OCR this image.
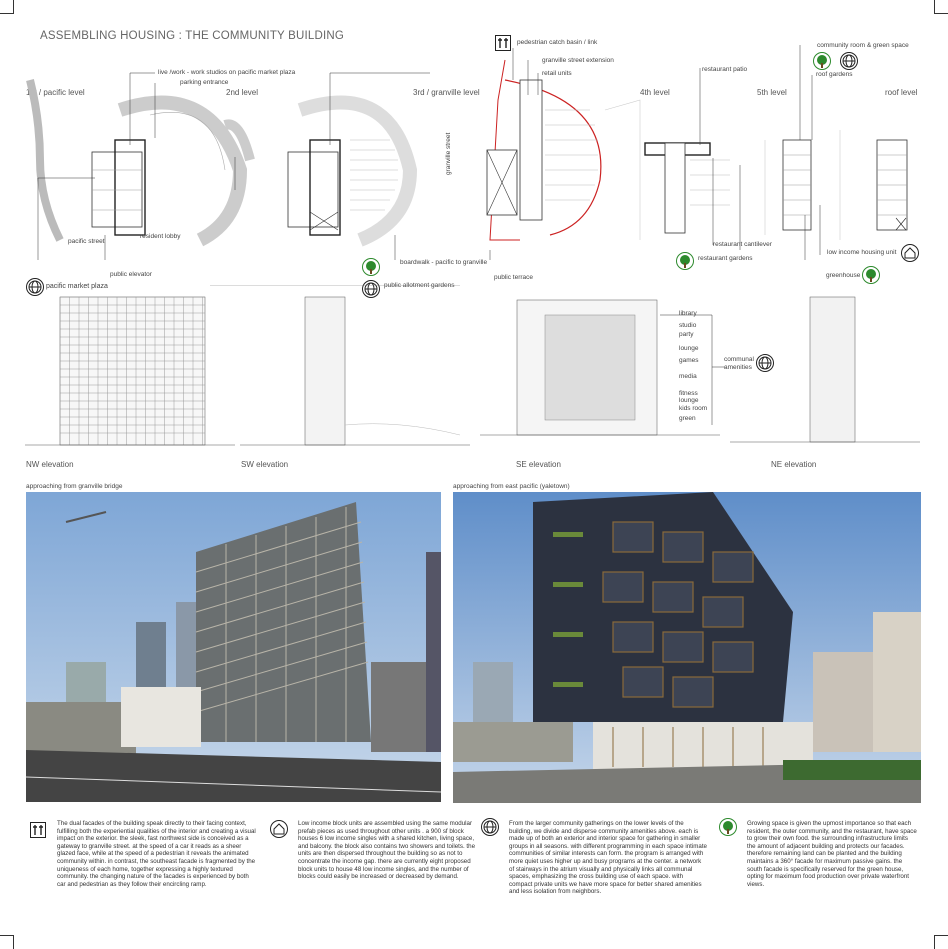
ASSEMBLING HOUSING : THE COMMUNITY BUILDING
1st / pacific level	2nd level	3rd / granville level	4th level	5th level	roof level
live /work - work studios on pacific market plaza
parking entrance
pedestrian catch basin / link
granville street extension
retail units
restaurant patio
community room & green space
roof gardens
granville street
pacific street
resident lobby
public elevator
pacific market plaza
boardwalk - pacific to granville
public allotment gardens
public terrace
restaurant cantilever
restaurant gardens
low income housing unit
greenhouse
library
studio
party
lounge
games
media
fitness
lounge
kids room
green
communal amenities
NW elevation	SW elevation	SE elevation	NE elevation
approaching from granville bridge	approaching from east pacific (yaletown)
The dual facades of the building speak directly to their facing context, fulfilling both the experiential qualities of the interior and creating a visual impact on the exterior. the sleek, fast northwest side is conceived as a gateway to granville street. at the speed of a car it reads as a sheer glazed face, while at the speed of a pedestrian it reveals the animated community within. in contrast, the southeast facade is fragmented by the uniqueness of each home, together expressing a highly textured community. the changing nature of the facades is experienced by both car and pedestrian as they follow their encircling ramp.
Low income block units are assembled using the same modular prefab pieces as used throughout other units . a 900 sf block houses 6 low income singles with a shared kitchen, living space, and balcony. the block also contains two showers and toilets. the units are then dispersed throughout the building so as not to concentrate the income gap. there are currently eight proposed block units to house 48 low income singles, and the number of blocks could easily be increased or decreased by demand.
From the larger community gatherings on the lower levels of the building, we divide and disperse community amenities above. each is made up of both an exterior and interior space for gathering in smaller groups in all seasons. with different programming in each space intimate communities of similar interests can form. the program is arranged with more quiet uses higher up and busy programs at the center. a network of stairways in the atrium visually and physically links all communal spaces, emphasizing the cross building use of each space. with compact private units we have more space for better shared amenities and less isolation from neighbors.
Growing space is given the upmost importance so that each resident, the outer community, and the restaurant, have space to grow their own food. the surrounding infrastructure limits the amount of adjacent building and protects our facades. therefore remaining land can be planted and the building maintains a 360° facade for maximum passive gains. the south facade is specifically reserved for the green house, opting for maximum food production over private waterfront views.
